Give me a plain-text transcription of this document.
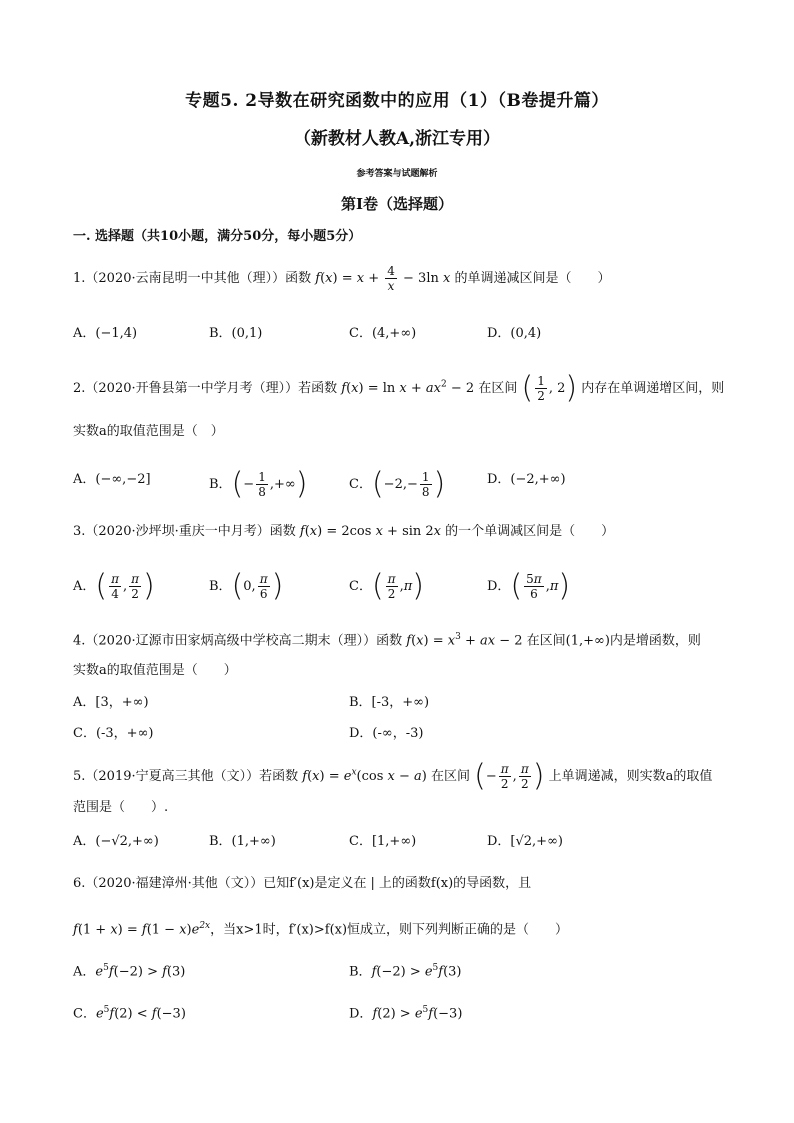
专题5. 2导数在研究函数中的应用（1）（B卷提升篇）
（新教材人教A,浙江专用）
参考答案与试题解析
第Ⅰ卷（选择题）
一. 选择题（共10小题，满分50分，每小题5分）
1.（2020·云南昆明一中其他（理））函数 $f(x) = x + \frac{4}{x} - 3\ln$ x 的单调递减区间是（　　）
A．(−1,4)	B．(0,1)	C．(4,+∞)	D．(0,4)
2.（2020·开鲁县第一中学月考（理））若函数 $f(x) = \ln x + ax^2 - 2$ 在区间 ( $\frac{1}{2}$ , 2) 内存在单调递增区间，则
实数a的取值范围是（　）
A．(−∞,−2]	B．(− $\frac{1}{8}$ ,+∞)	C．($-2,- \frac{1}{8}$ )	D．(−2,+∞)
3.（2020·沙坪坝·重庆一中月考）函数 f(x) = 2cos x + sin 2x 的一个单调减区间是（　　）
A．( $\frac{\pi}{4}$ , $\frac{\pi}{2}$ )	B．(0, $\frac{\pi}{6}$ )	C．( $\frac{\pi}{2} ,\pi$)	D．( $\frac{5\pi}{6} ,\pi$)
4.（2020·辽源市田家炳高级中学校高二期末（理））函数 $f(x) = x^3$ + ax − 2 在区间(1,+∞)内是增函数，则
实数a的取值范围是（　　）
A．[3，+∞)	B．[-3，+∞)
C．(-3，+∞)	D．(-∞，-3)
5.（2019·宁夏高三其他（文））若函数 $f(x) = e^x(\cos$ x − a) 在区间 (− $\frac{\pi}{2}$ , $\frac{\pi}{2}$ ) 上单调递减，则实数a的取值
范围是（　　）.
A．(−√2,+∞)	B．(1,+∞)	C．[1,+∞)	D．[√2,+∞)
6.（2020·福建漳州·其他（文））已知f′(x)是定义在 | 上的函数f(x)的导函数，且
$f(1 + x) = f(1 - x)e^{2x}$，当x>1时，f′(x)>f(x)恒成立，则下列判断正确的是（　　）
A．$e^5f(-2) > f(3)$	B．$f(-2) > e^5f(3)$
C．$e^5f(2) < f(-3)$	D．$f(2) > e^5f(-3)$
